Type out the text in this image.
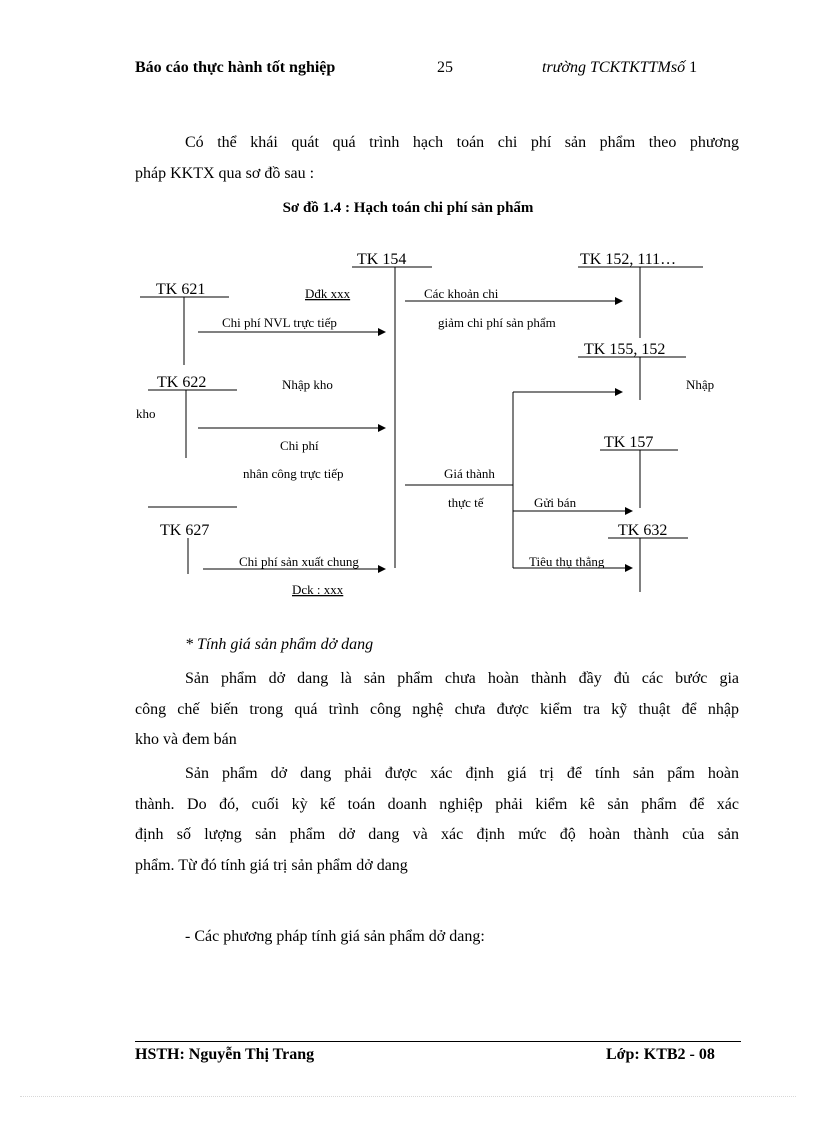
Báo cáo thực hành tốt nghiệp	25	trường TCKTKTTMsố 1
Có thể khái quát quá trình hạch toán chi phí sản phẩm theo phương
pháp KKTX qua sơ đồ sau :
Sơ đồ 1.4 : Hạch toán chi phí sản phẩm
TK 154	TK 152, 111…
TK 621
TK 155, 152
TK 622
TK 157
TK 627	TK 632
Dđk xxx	Các khoản chi
giảm chi phí sản phẩm
Chi phí NVL trực tiếp
Nhập kho	Nhập
kho
Chi phí
nhân công trực tiếp	Giá thành
thực tế	Gửi bán
Chi phí sản xuất chung	Tiêu thụ thẳng
Dck : xxx
* Tính giá sản phẩm dở dang
Sản phẩm dở dang là sản phẩm chưa hoàn thành đầy đủ các bước gia
công chế biến trong quá trình công nghệ chưa được kiểm tra kỹ thuật để nhập
kho và đem bán
Sản phẩm dở dang phải được xác định giá trị để tính sản pẩm hoàn
thành. Do đó, cuối kỳ kế toán doanh nghiệp phải kiểm kê sản phẩm để xác
định số lượng sản phẩm dở dang và xác định mức độ hoàn thành của sản
phẩm. Từ đó tính giá trị sản phẩm dở dang
- Các phương pháp tính giá sản phẩm dở dang:
HSTH: Nguyễn Thị Trang	Lớp: KTB2 - 08
